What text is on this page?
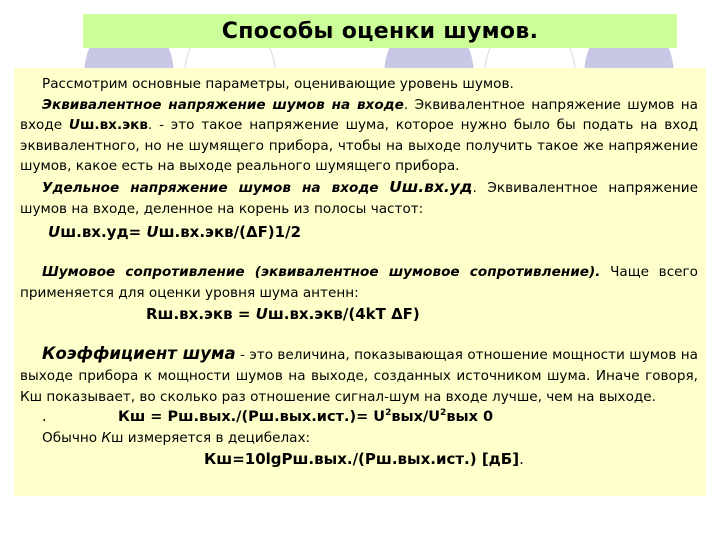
Способы оценки шумов.

Рассмотрим основные параметры, оценивающие уровень шумов.

Эквивалентное напряжение шумов на входе. Эквивалентное напряжение шумов на входе Uш.вх.экв. - это такое напряжение шума, которое нужно было бы подать на вход эквивалентного, но не шумящего прибора, чтобы на выходе получить такое же напряжение шумов, какое есть на выходе реального шумящего прибора.

Удельное напряжение шумов на входе Uш.вх.уд. Эквивалентное напряжение шумов на входе, деленное на корень из полосы частот:

Uш.вх.уд= Uш.вх.экв/(ΔF)1/2

Шумовое сопротивление (эквивалентное шумовое сопротивление). Чаще всего применяется для оценки уровня шума антенн:

Rш.вх.экв = Uш.вх.экв/(4kT ΔF)

Коэффициент шума - это величина, показывающая отношение мощности шумов на выходе прибора к мощности шумов на выходе, созданных источником шума. Иначе говоря, Кш показывает, во сколько раз отношение сигнал-шум на входе лучше, чем на выходе.

.	Кш = $Рш.вых./(Рш.вых.ист.)= U^2вых/U^2вых$ 0

Обычно Кш измеряется в децибелах:

Кш=10lgРш.вых./(Рш.вых.ист.) [дБ].
